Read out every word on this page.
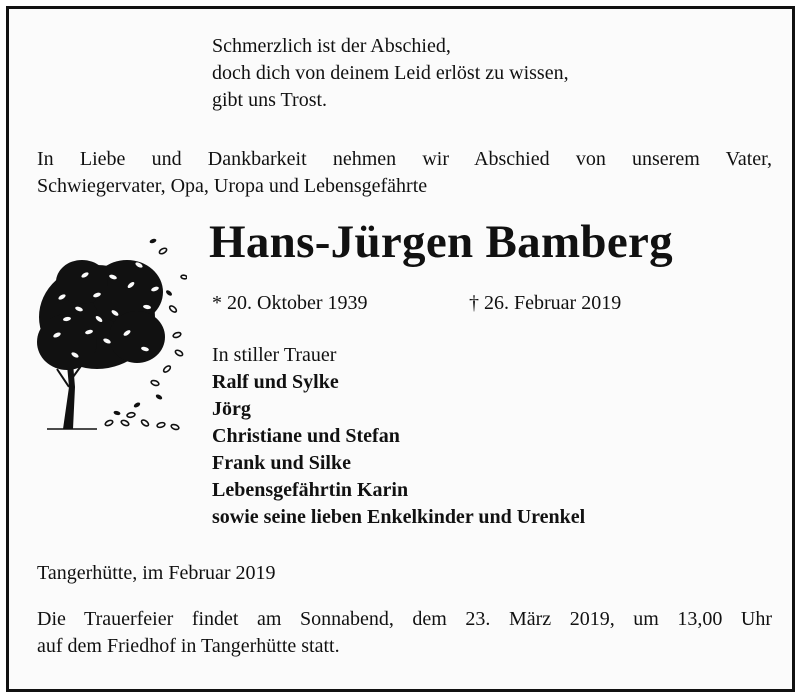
Schmerzlich ist der Abschied,
doch dich von deinem Leid erlöst zu wissen,
gibt uns Trost.
In Liebe und Dankbarkeit nehmen wir Abschied von unserem Vater,
Schwiegervater, Opa, Uropa und Lebensgefährte
Hans-Jürgen Bamberg
* 20. Oktober 1939	† 26. Februar 2019
In stiller Trauer
Ralf und Sylke
Jörg
Christiane und Stefan
Frank und Silke
Lebensgefährtin Karin
sowie seine lieben Enkelkinder und Urenkel
Tangerhütte, im Februar 2019
Die Trauerfeier findet am Sonnabend, dem 23. März 2019, um 13,00 Uhr
auf dem Friedhof in Tangerhütte statt.
